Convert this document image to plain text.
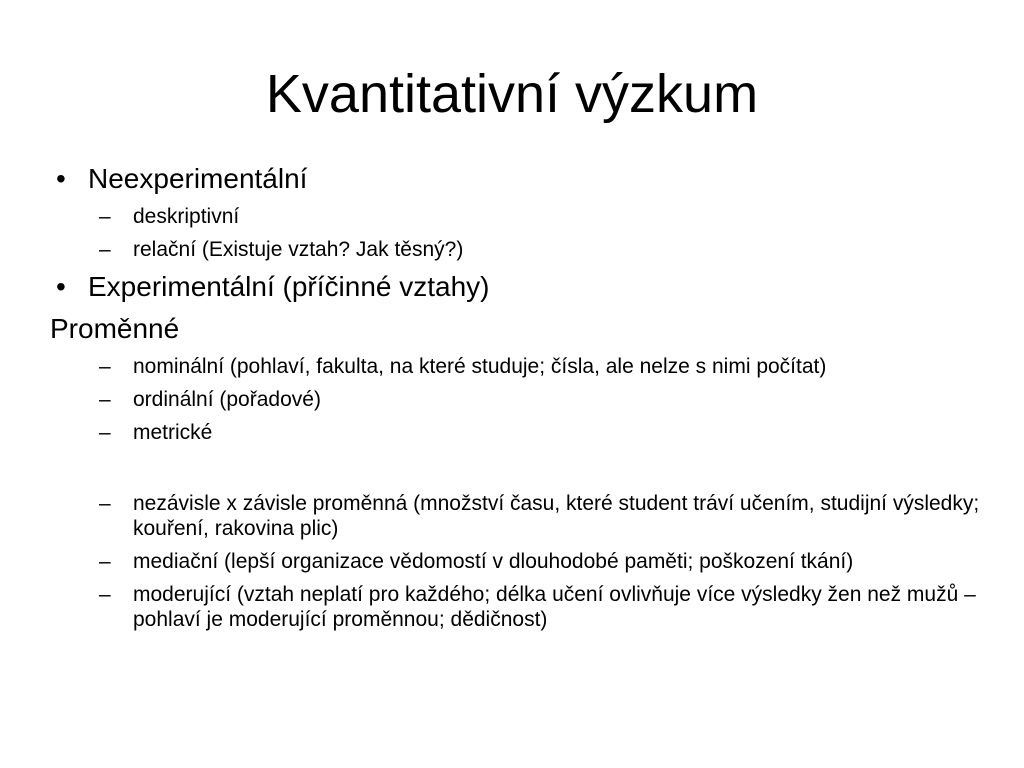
Kvantitativní výzkum
• Neexperimentální
– deskriptivní
– relační (Existuje vztah? Jak těsný?)
• Experimentální (příčinné vztahy)
Proměnné
– nominální (pohlaví, fakulta, na které studuje; čísla, ale nelze s nimi počítat)
– ordinální (pořadové)
– metrické
– nezávisle x závisle proměnná (množství času, které student tráví učením, studijní výsledky; kouření, rakovina plic)
– mediační (lepší organizace vědomostí v dlouhodobé paměti; poškození tkání)
– moderující (vztah neplatí pro každého; délka učení ovlivňuje více výsledky žen než mužů – pohlaví je moderující proměnnou; dědičnost)
